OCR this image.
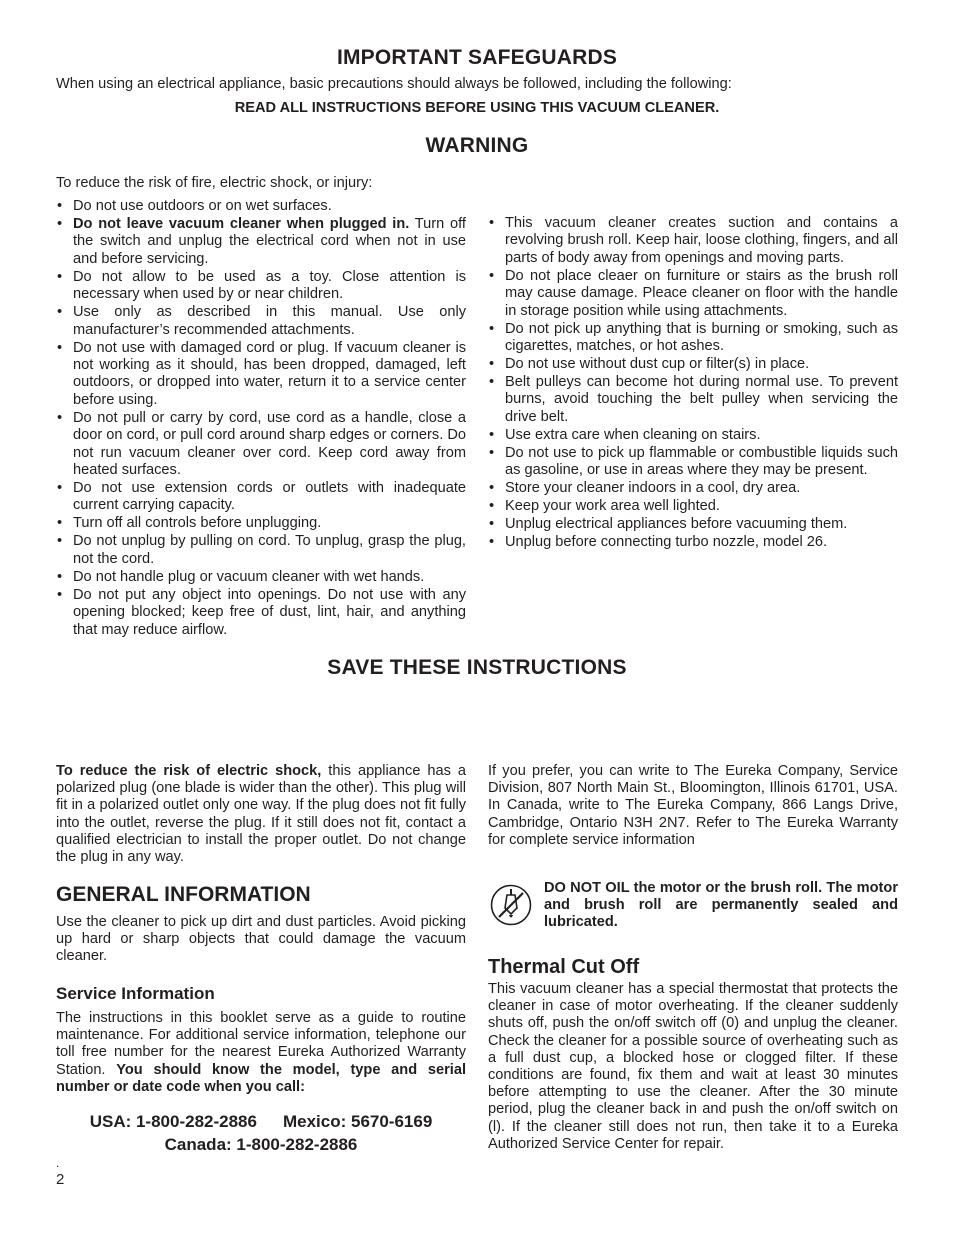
IMPORTANT SAFEGUARDS
When using an electrical appliance, basic precautions should always be followed, including the following:
READ ALL INSTRUCTIONS BEFORE USING THIS VACUUM CLEANER.
WARNING
To reduce the risk of fire, electric shock, or injury:
• Do not use outdoors or on wet surfaces.
• Do not leave vacuum cleaner when plugged in. Turn off the switch and unplug the electrical cord when not in use and before servicing.
• Do not allow to be used as a toy. Close attention is necessary when used by or near children.
• Use only as described in this manual. Use only manufacturer’s recommended attachments.
• Do not use with damaged cord or plug. If vacuum cleaner is not working as it should, has been dropped, damaged, left outdoors, or dropped into water, return it to a service center before using.
• Do not pull or carry by cord, use cord as a handle, close a door on cord, or pull cord around sharp edges or corners. Do not run vacuum cleaner over cord. Keep cord away from heated surfaces.
• Do not use extension cords or outlets with inadequate current carrying capacity.
• Turn off all controls before unplugging.
• Do not unplug by pulling on cord. To unplug, grasp the plug, not the cord.
• Do not handle plug or vacuum cleaner with wet hands.
• Do not put any object into openings. Do not use with any opening blocked; keep free of dust, lint, hair, and anything that may reduce airflow.
• This vacuum cleaner creates suction and contains a revolving brush roll. Keep hair, loose clothing, fingers, and all parts of body away from openings and moving parts.
• Do not place cleaer on furniture or stairs as the brush roll may cause damage. Pleace cleaner on floor with the handle in storage position while using attachments.
• Do not pick up anything that is burning or smoking, such as cigarettes, matches, or hot ashes.
• Do not use without dust cup or filter(s) in place.
• Belt pulleys can become hot during normal use. To prevent burns, avoid touching the belt pulley when servicing the drive belt.
• Use extra care when cleaning on stairs.
• Do not use to pick up flammable or combustible liquids such as gasoline, or use in areas where they may be present.
• Store your cleaner indoors in a cool, dry area.
• Keep your work area well lighted.
• Unplug electrical appliances before vacuuming them.
• Unplug before connecting turbo nozzle, model 26.
SAVE THESE INSTRUCTIONS

To reduce the risk of electric shock, this appliance has a polarized plug (one blade is wider than the other). This plug will fit in a polarized outlet only one way. If the plug does not fit fully into the outlet, reverse the plug. If it still does not fit, contact a qualified electrician to install the proper outlet. Do not change the plug in any way.

GENERAL INFORMATION

Use the cleaner to pick up dirt and dust particles. Avoid picking up hard or sharp objects that could damage the vacuum cleaner.

Service Information

The instructions in this booklet serve as a guide to routine maintenance. For additional service information, telephone our toll free number for the nearest Eureka Authorized Warranty Station. You should know the model, type and serial number or date code when you call:

USA: 1-800-282-2886 Mexico: 5670-6169
Canada: 1-800-282-2886
.
2

If you prefer, you can write to The Eureka Company, Service Division, 807 North Main St., Bloomington, Illinois 61701, USA. In Canada, write to The Eureka Company, 866 Langs Drive, Cambridge, Ontario N3H 2N7. Refer to The Eureka Warranty for complete service information

DO NOT OIL the motor or the brush roll. The motor and brush roll are permanently sealed and lubricated.

Thermal Cut Off

This vacuum cleaner has a special thermostat that protects the cleaner in case of motor overheating. If the cleaner suddenly shuts off, push the on/off switch off (0) and unplug the cleaner. Check the cleaner for a possible source of overheating such as a full dust cup, a blocked hose or clogged filter. If these conditions are found, fix them and wait at least 30 minutes before attempting to use the cleaner. After the 30 minute period, plug the cleaner back in and push the on/off switch on (l). If the cleaner still does not run, then take it to a Eureka Authorized Service Center for repair.
